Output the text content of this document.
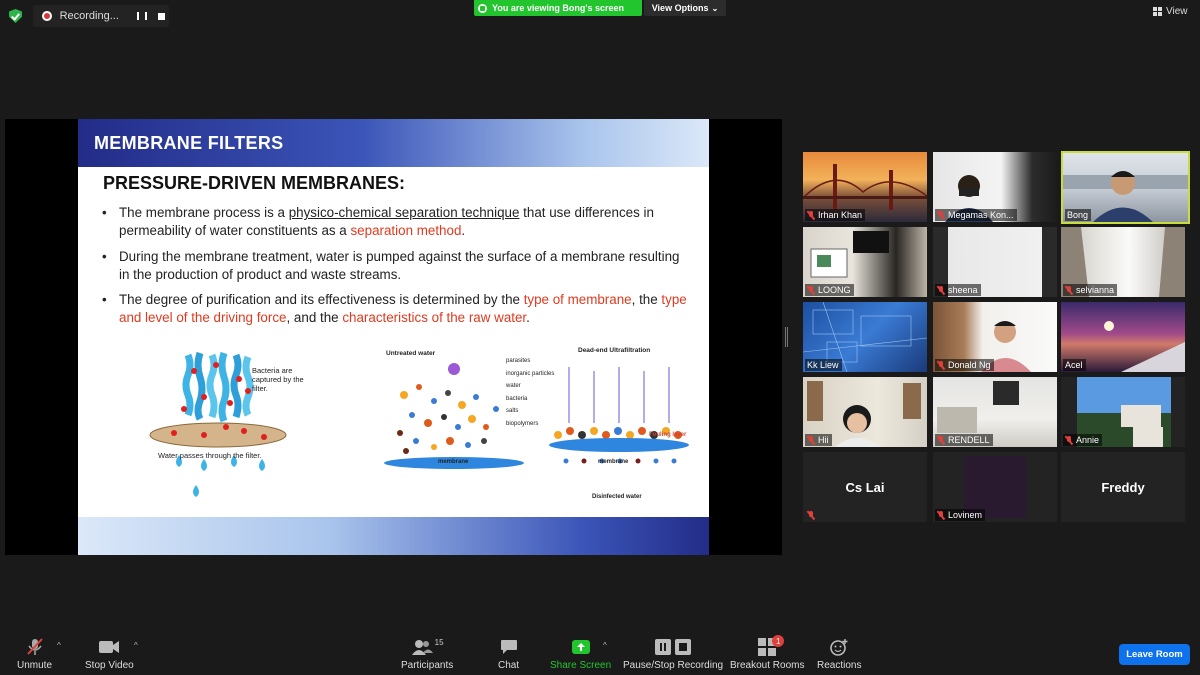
Recording...
You are viewing Bong's screen	View Options ⌄	View
MEMBRANE FILTERS
PRESSURE-DRIVEN MEMBRANES:
• The membrane process is a physico-chemical separation technique that use differences in permeability of water constituents as a separation method.
• During the membrane treatment, water is pumped against the surface of a membrane resulting in the production of product and waste streams.
• The degree of purification and its effectiveness is determined by the type of membrane, the type and level of the driving force, and the characteristics of the raw water.
Bacteria are captured by the filter.
Water passes through the filter.
Untreated water
membrane
parasites
inorganic particles
water
bacteria
salts
biopolymers
Dead-end Ultrafiltration
Fouling layer
membrane
Disinfected water
Irhan Khan	Megamas Kon...	Bong
LOONG	sheena	selvianna
Kk Liew	Donald Ng	Acel
Hii	RENDELL	Annie
Cs Lai
Lovinem
Freddy
Unmute
^
Stop Video
^	15
Participants	Chat	Share Screen
^
Pause/Stop Recording
1
Breakout Rooms Reactions
Leave Room
